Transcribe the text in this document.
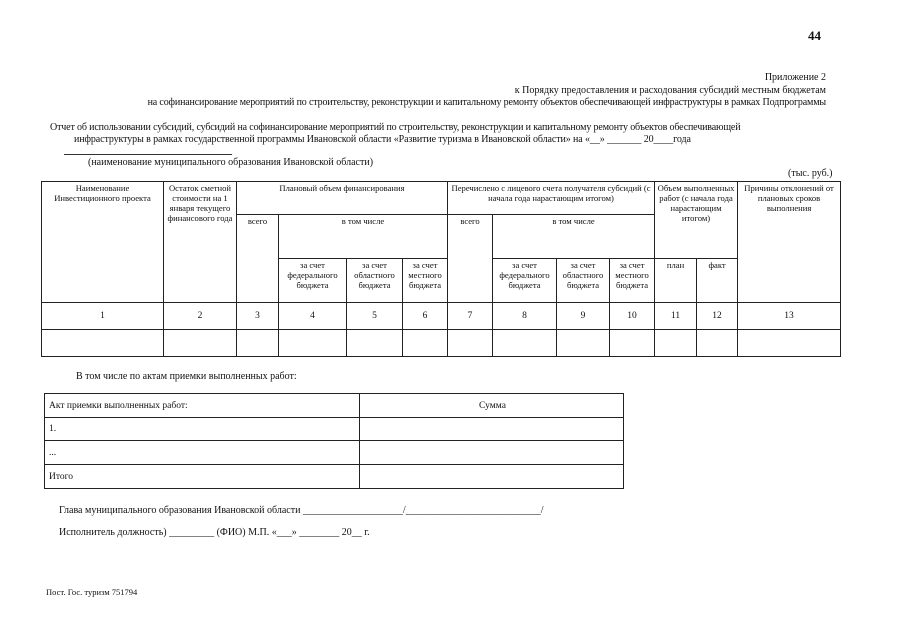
44
Приложение 2
к Порядку предоставления и расходования субсидий местным бюджетам
на софинансирование мероприятий по строительству, реконструкции и капитальному ремонту объектов обеспечивающей инфраструктуры в рамках Подпрограммы
Отчет об использовании субсидий, субсидий на софинансирование мероприятий по строительству, реконструкции и капитальному ремонту объектов обеспечивающей
инфраструктуры в рамках государственной программы Ивановской области «Развитие туризма в Ивановской области» на «__» _______ 20____года
(наименование муниципального образования Ивановской области)
(тыс. руб.)
Наименование Инвестиционного проекта	Остаток сметной стоимости на 1 января текущего финансового года	Плановый объем финансирования				Перечислено с лицевого счета получателя субсидий (с начала года нарастающим итогом)				Объем выполненных работ (с начала года нарастающим итогом)		Причины отклонений от плановых сроков выполнения
		всего	в том числе			всего	в том числе					
			за счет федерального бюджета	за счет областного бюджета	за счет местного бюджета		за счет федерального бюджета	за счет областного бюджета	за счет местного бюджета	план	факт	
1	2	3	4	5	6	7	8	9	10	11	12	13

В том числе по актам приемки выполненных работ:
Акт приемки выполненных работ:	Сумма
1.	
...	
Итого	
Глава муниципального образования Ивановской области ____________________/___________________________/
Исполнитель должность) _________ (ФИО) М.П. «___» ________ 20__ г.
Пост. Гос. туризм 751794
